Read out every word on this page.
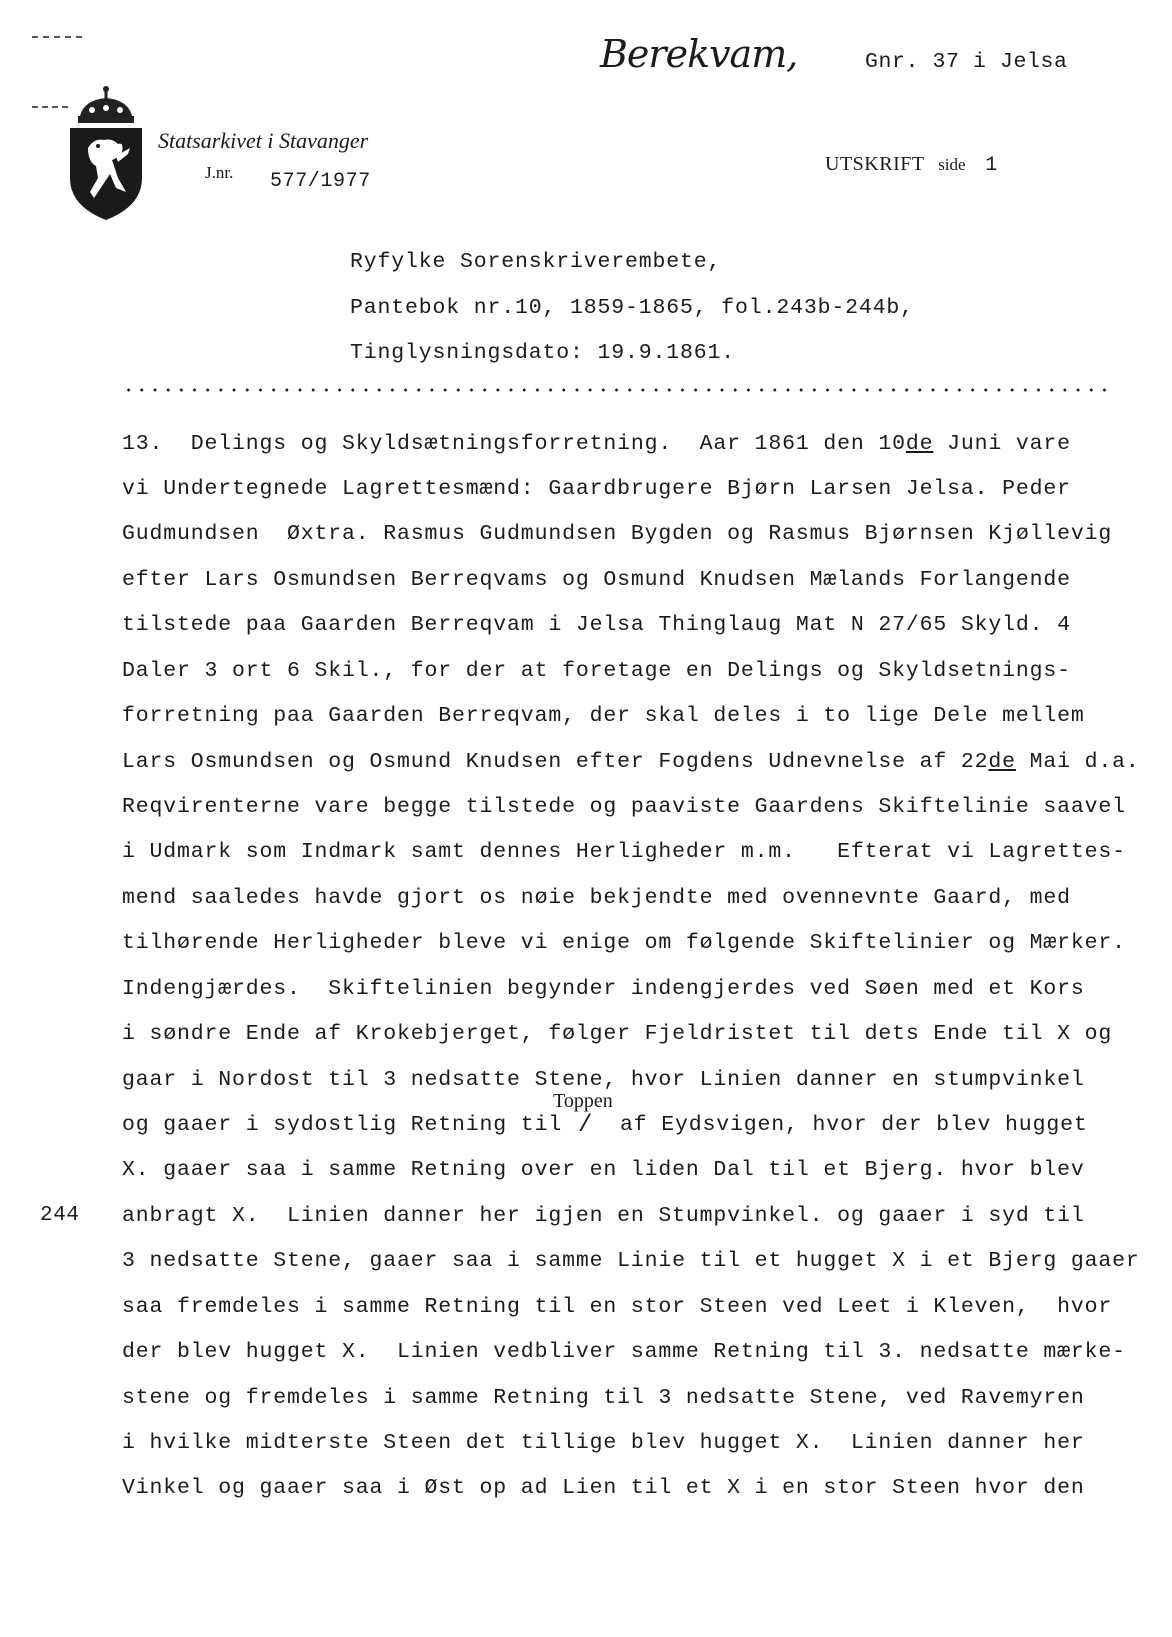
Berekvam,	Gnr. 37 i Jelsa
Statsarkivet i Stavanger
J.nr. 577/1977
UTSKRIFT side 1
Ryfylke Sorenskriverembete,
Pantebok nr.10, 1859-1865, fol.243b-244b,
Tinglysningsdato: 19.9.1861.
13.  Delings og Skyldsætningsforretning.  Aar 1861 den 10de Juni vare
vi Undertegnede Lagrettesmænd: Gaardbrugere Bjørn Larsen Jelsa. Peder
Gudmundsen  Øxtra. Rasmus Gudmundsen Bygden og Rasmus Bjørnsen Kjøllevig
efter Lars Osmundsen Berreqvams og Osmund Knudsen Mælands Forlangende
tilstede paa Gaarden Berreqvam i Jelsa Thinglaug Mat N 27/65 Skyld. 4
Daler 3 ort 6 Skil., for der at foretage en Delings og Skyldsetnings-
forretning paa Gaarden Berreqvam, der skal deles i to lige Dele mellem
Lars Osmundsen og Osmund Knudsen efter Fogdens Udnevnelse af 22de Mai d.a.
Reqvirenterne vare begge tilstede og paaviste Gaardens Skiftelinie saavel
i Udmark som Indmark samt dennes Herligheder m.m.   Efterat vi Lagrettes-
mend saaledes havde gjort os nøie bekjendte med ovennevnte Gaard, med
tilhørende Herligheder bleve vi enige om følgende Skiftelinier og Mærker.
Indengjærdes.  Skiftelinien begynder indengjerdes ved Søen med et Kors
i søndre Ende af Krokebjerget, følger Fjeldristet til dets Ende til X og
gaar i Nordost til 3 nedsatte Stene, hvor Linien danner en stumpvinkel
Toppen
og gaaer i sydostlig Retning til / af Eydsvigen, hvor der blev hugget
X. gaaer saa i samme Retning over en liden Dal til et Bjerg. hvor blev
244 anbragt X.  Linien danner her igjen en Stumpvinkel. og gaaer i syd til
3 nedsatte Stene, gaaer saa i samme Linie til et hugget X i et Bjerg gaaer
saa fremdeles i samme Retning til en stor Steen ved Leet i Kleven,  hvor
der blev hugget X.  Linien vedbliver samme Retning til 3. nedsatte mærke-
stene og fremdeles i samme Retning til 3 nedsatte Stene, ved Ravemyren
i hvilke midterste Steen det tillige blev hugget X.  Linien danner her
Vinkel og gaaer saa i Øst op ad Lien til et X i en stor Steen hvor den
